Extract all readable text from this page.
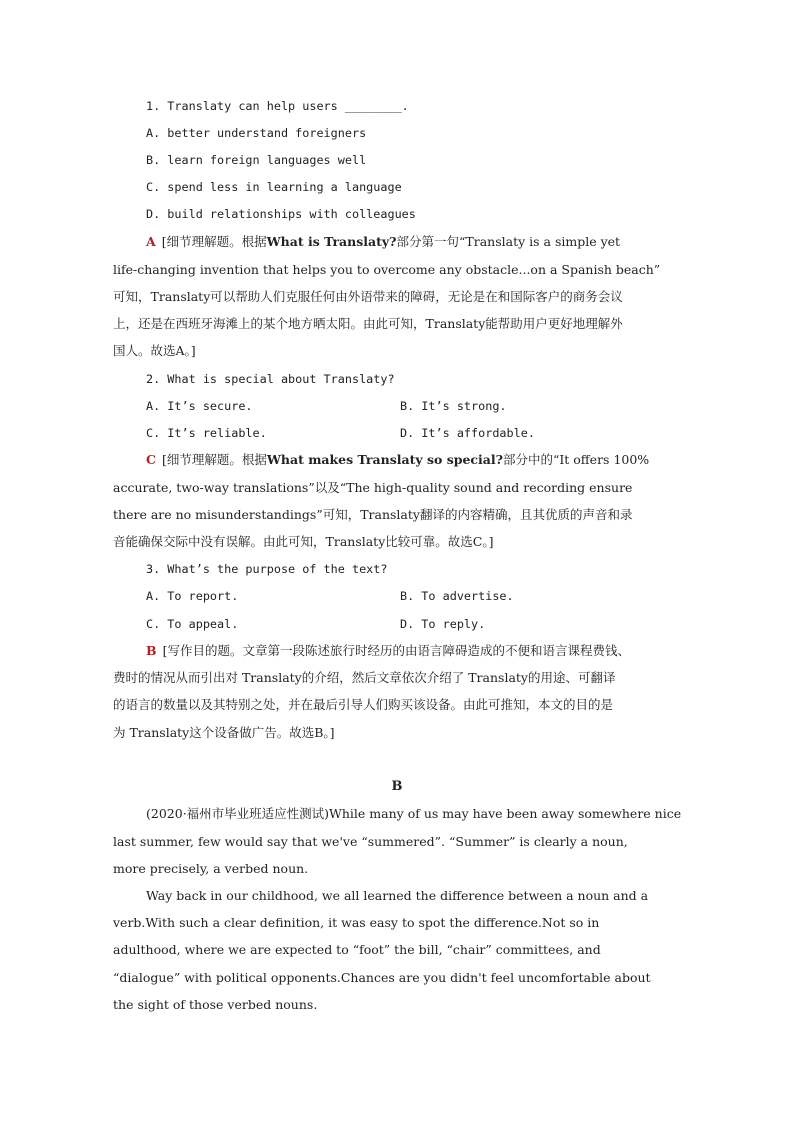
1. Translaty can help users ________.
A. better understand foreigners
B. learn foreign languages well
C. spend less in learning a language
D. build relationships with colleagues
A [细节理解题。根据What is Translaty?部分第一句“Translaty is a simple yet
life-changing invention that helps you to overcome any obstacle...on a Spanish beach”
可知，Translaty可以帮助人们克服任何由外语带来的障碍，无论是在和国际客户的商务会议
上，还是在西班牙海滩上的某个地方晒太阳。由此可知，Translaty能帮助用户更好地理解外
国人。故选A。]
2. What is special about Translaty?
A. It’s secure.	B. It’s strong.
C. It’s reliable.	D. It’s affordable.
C [细节理解题。根据What makes Translaty so special?部分中的“It offers 100%
accurate, two-way translations”以及“The high-quality sound and recording ensure
there are no misunderstandings”可知，Translaty翻译的内容精确，且其优质的声音和录
音能确保交际中没有误解。由此可知，Translaty比较可靠。故选C。]
3. What’s the purpose of the text?
A. To report.	B. To advertise.
C. To appeal.	D. To reply.
B [写作目的题。文章第一段陈述旅行时经历的由语言障碍造成的不便和语言课程费钱、
费时的情况从而引出对 Translaty的介绍，然后文章依次介绍了 Translaty的用途、可翻译
的语言的数量以及其特别之处，并在最后引导人们购买该设备。由此可推知，本文的目的是
为 Translaty这个设备做广告。故选B。]
B
(2020·福州市毕业班适应性测试)While many of us may have been away somewhere nice
last summer, few would say that we've “summered”. “Summer” is clearly a noun,
more precisely, a verbed noun.
Way back in our childhood, we all learned the difference between a noun and a
verb.With such a clear definition, it was easy to spot the difference.Not so in
adulthood, where we are expected to “foot” the bill, “chair” committees, and
“dialogue” with political opponents.Chances are you didn't feel uncomfortable about
the sight of those verbed nouns.
